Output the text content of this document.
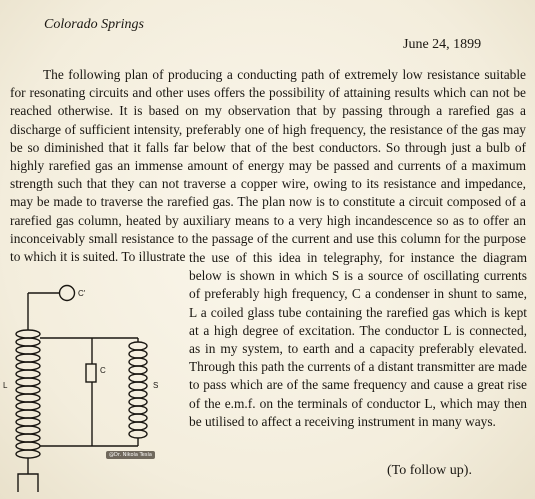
Colorado Springs
June 24, 1899

The following plan of producing a conducting path of extremely low resistance suitable for resonating circuits and other uses offers the possibility of attaining results which can not be reached otherwise. It is based on my observation that by passing through a rarefied gas a discharge of sufficient intensity, preferably one of high frequency, the resistance of the gas may be so diminished that it falls far below that of the best conductors. So through just a bulb of highly rarefied gas an immense amount of energy may be passed and currents of a maximum strength such that they can not traverse a copper wire, owing to its resistance and impedance, may be made to traverse the rarefied gas. The plan now is to constitute a circuit composed of a rarefied gas column, heated by auxiliary means to a very high incandescence so as to offer an inconceivably small resistance to the passage of the current and use this column for the purpose to which it is suited. To illustrate the use of this idea in telegraphy, for instance the diagram below is shown in which S is a source of oscillating currents of preferably high frequency, C a condenser in shunt to same, L a coiled glass tube containing the rarefied gas which is kept at a high degree of excitation. The conductor L is connected, as in my system, to earth and a capacity preferably elevated. Through this path the currents of a distant transmitter are made to pass which are of the same frequency and cause a great rise of the e.m.f. on the terminals of conductor L, which may then be utilised to affect a receiving instrument in many ways.

C'
L
C
S
@Dr. Nikola Tesla
(To follow up).
